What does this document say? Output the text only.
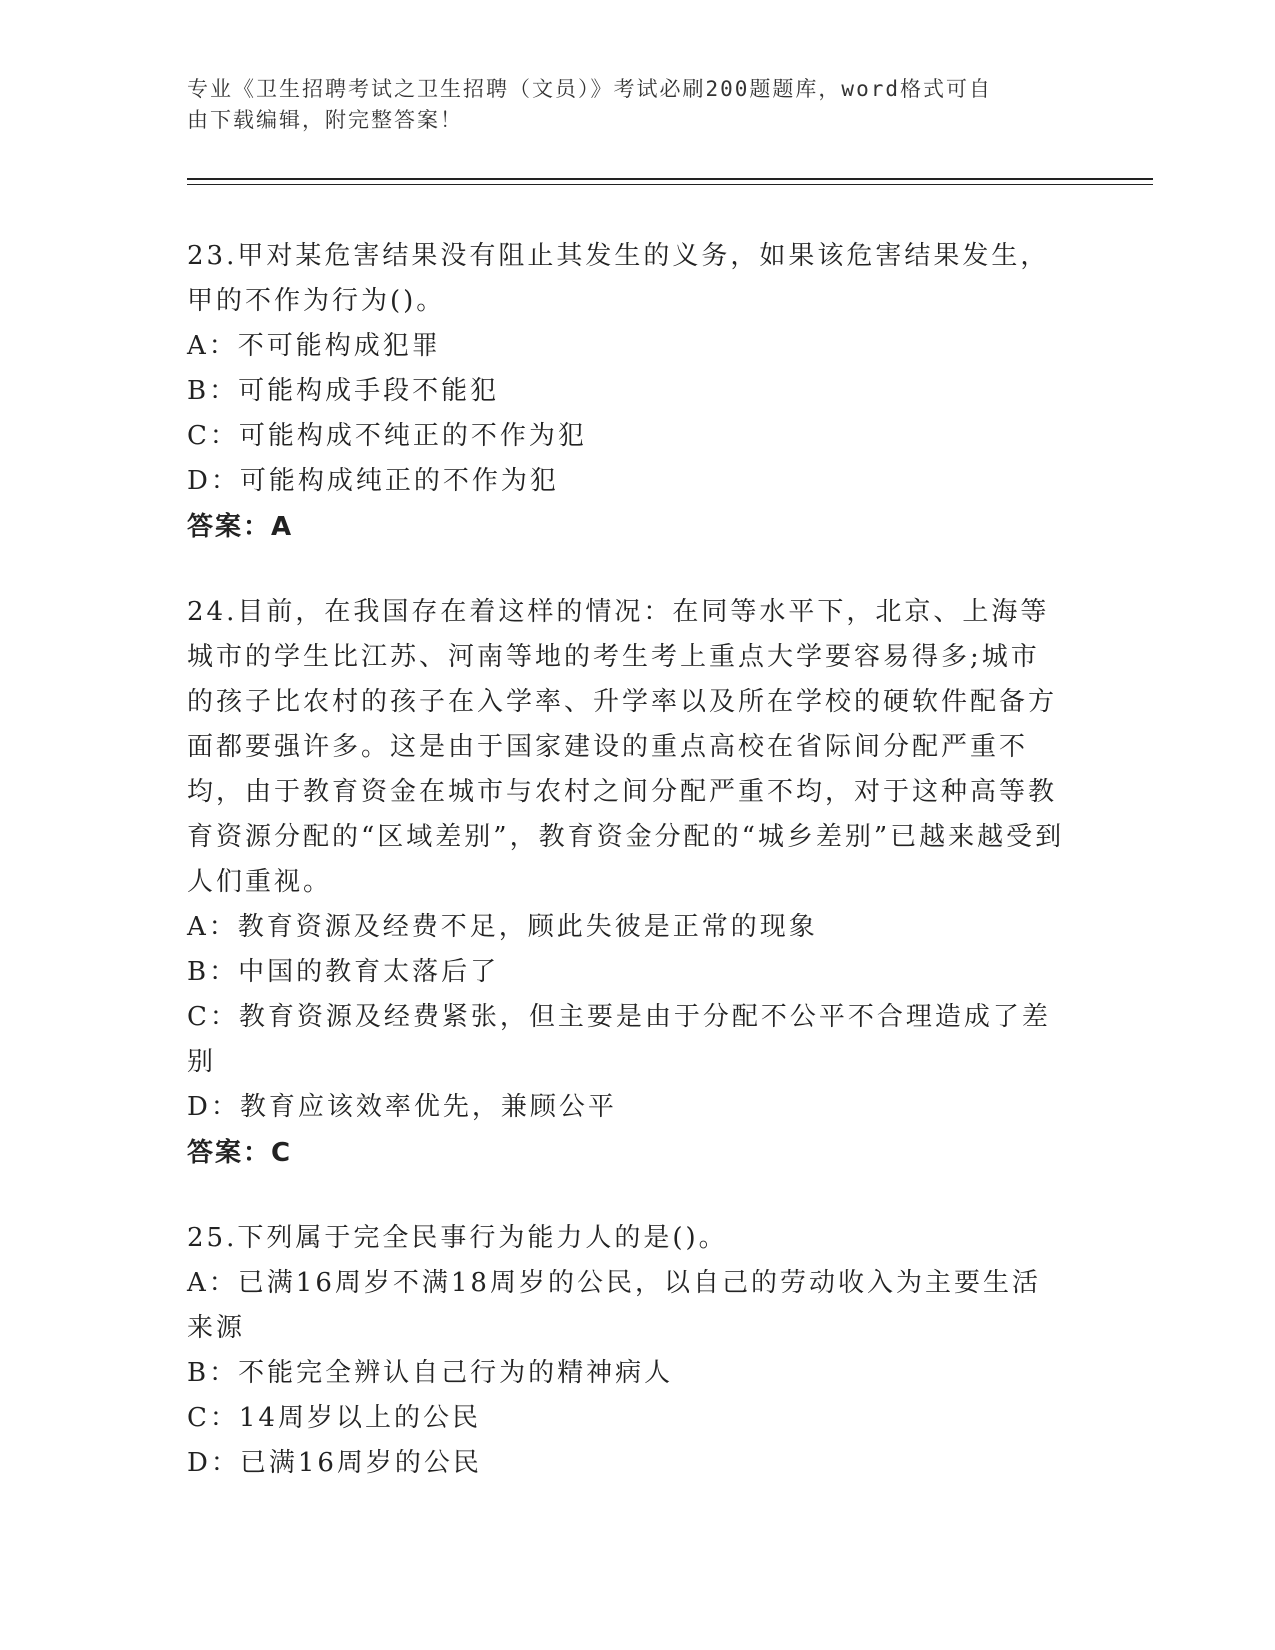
专业《卫生招聘考试之卫生招聘（文员）》考试必刷200题题库，word格式可自
由下载编辑，附完整答案！
23.甲对某危害结果没有阻止其发生的义务，如果该危害结果发生，甲的不作为行为()。
A：不可能构成犯罪
B：可能构成手段不能犯
C：可能构成不纯正的不作为犯
D：可能构成纯正的不作为犯
答案：A
24.目前，在我国存在着这样的情况：在同等水平下，北京、上海等城市的学生比江苏、河南等地的考生考上重点大学要容易得多;城市的孩子比农村的孩子在入学率、升学率以及所在学校的硬软件配备方面都要强许多。这是由于国家建设的重点高校在省际间分配严重不均，由于教育资金在城市与农村之间分配严重不均，对于这种高等教育资源分配的“区域差别”，教育资金分配的“城乡差别”已越来越受到人们重视。
A：教育资源及经费不足，顾此失彼是正常的现象
B：中国的教育太落后了
C：教育资源及经费紧张，但主要是由于分配不公平不合理造成了差别
D：教育应该效率优先，兼顾公平
答案：C
25.下列属于完全民事行为能力人的是()。
A：已满16周岁不满18周岁的公民，以自己的劳动收入为主要生活来源
B：不能完全辨认自己行为的精神病人
C：14周岁以上的公民
D：已满16周岁的公民
